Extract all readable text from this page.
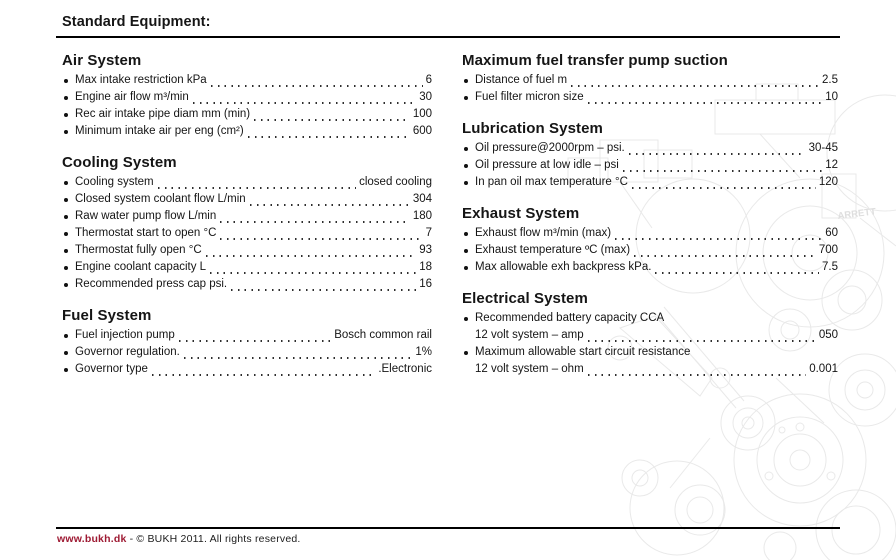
ARRETT
Standard Equipment:
Air System
Max intake restriction kPa	6
Engine air flow m³/min	30
Rec air intake pipe diam mm (min)	100
Minimum intake air per eng (cm²)	600
Cooling System
Cooling system	closed cooling
Closed system coolant flow L/min	304
Raw water pump flow L/min	180
Thermostat start to open °C	7
Thermostat fully open °C	93
Engine coolant capacity L	18
Recommended press cap psi.	16
Fuel System
Fuel injection pump	Bosch common rail
Governor regulation.	1%
Governor type	.Electronic
Maximum fuel transfer pump suction
Distance of fuel m	2.5
Fuel filter micron size	10
Lubrication System
Oil pressure@2000rpm – psi.	30-45
Oil pressure at low idle – psi	12
In pan oil max temperature °C	120
Exhaust System
Exhaust flow m³/min (max)	60
Exhaust temperature ºC (max)	700
Max allowable exh backpress kPa.	7.5
Electrical System
Recommended battery capacity CCA
12 volt system – amp	050
Maximum allowable start circuit resistance
12 volt system – ohm	0.001
www.bukh.dk - © BUKH 2011. All rights reserved.
